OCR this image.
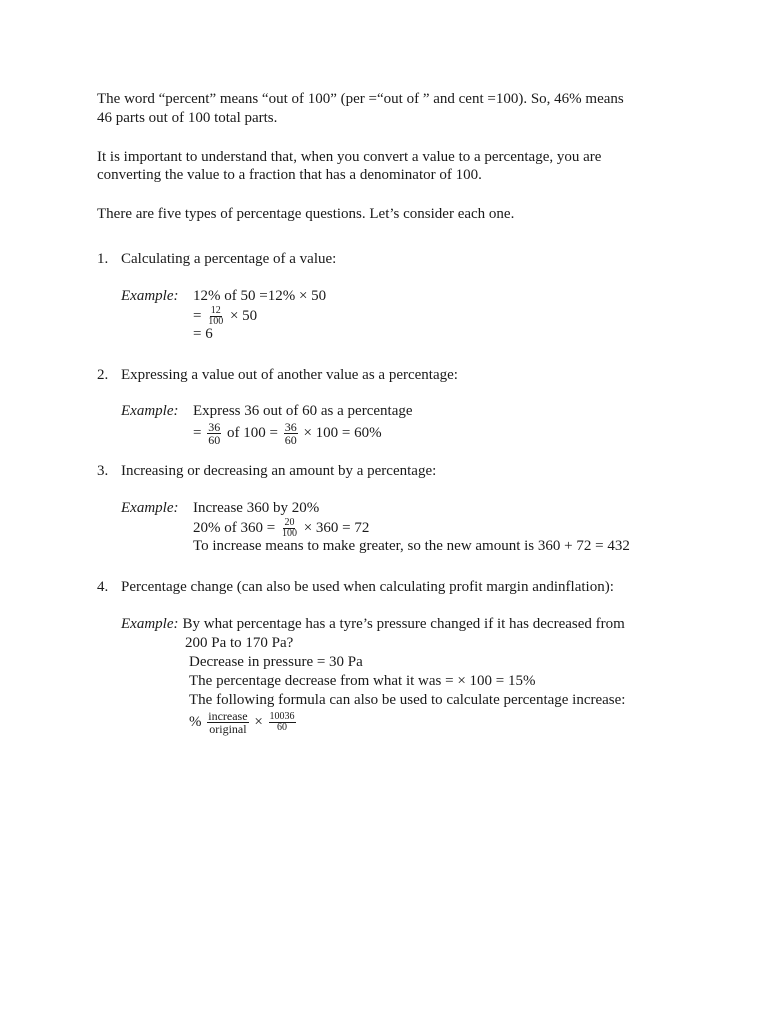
The word “percent” means “out of 100” (per =“out of ” and cent =100). So, 46% means
46 parts out of 100 total parts.

It is important to understand that, when you convert a value to a percentage, you are
converting the value to a fraction that has a denominator of 100.

There are five types of percentage questions. Let’s consider each one.

1. Calculating a percentage of a value:
Example: 12% of 50 =12% × 50
= $\frac{12}{100} \times 50$
= 6
2. Expressing a value out of another value as a percentage:
Example: Express 36 out of 60 as a percentage
= $\frac{36}{60}$ of $100 = \frac{36}{60} \times 100 = 60\%$
3. Increasing or decreasing an amount by a percentage:
Example: Increase 360 by 20%
20% of $360 = \frac{20}{100} \times 360 = 72$
To increase means to make greater, so the new amount is 360 + 72 = 432
4. Percentage change (can also be used when calculating profit margin andinflation):
Example: By what percentage has a tyre’s pressure changed if it has decreased from
200 Pa to 170 Pa?
Decrease in pressure = 30 Pa
The percentage decrease from what it was = × 100 = 15%
The following formula can also be used to calculate percentage increase:
% $\frac{\text{increase}}{\text{original}} \times \frac{10036}{60}$
